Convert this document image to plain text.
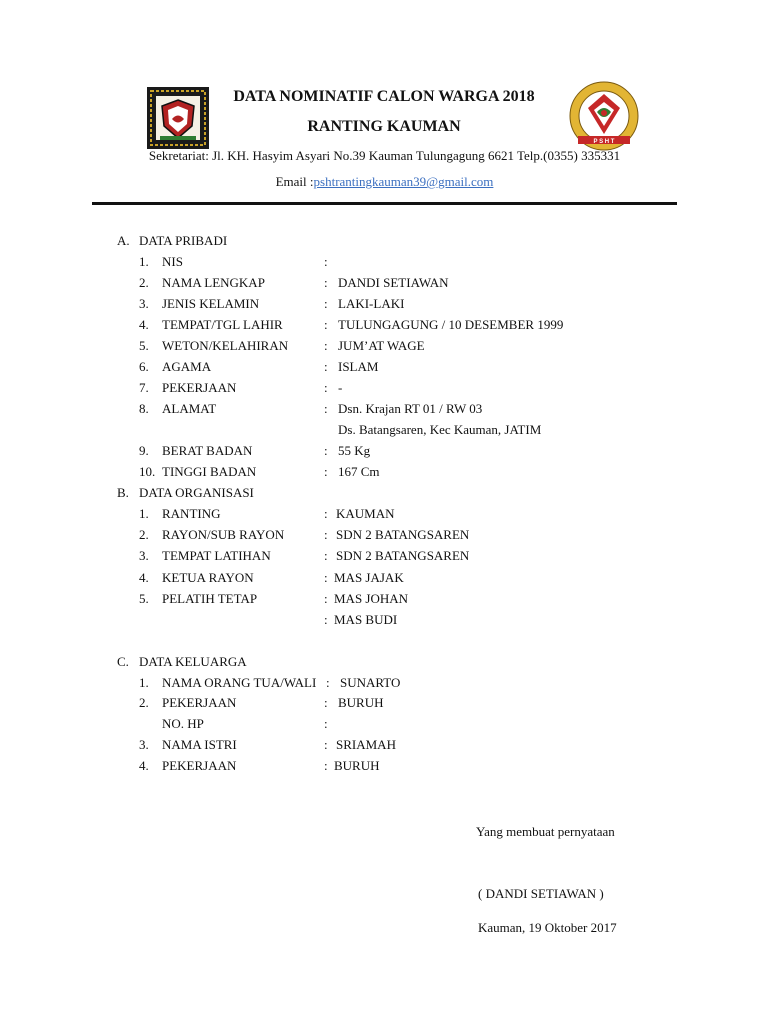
P S H T
DATA NOMINATIF CALON WARGA 2018
RANTING KAUMAN
Sekretariat: Jl. KH. Hasyim Asyari No.39 Kauman Tulungagung 6621 Telp.(0355) 335331
Email :pshtrantingkauman39@gmail.com
A. DATA PRIBADI
1. NIS	:
2. NAMA LENGKAP	: DANDI SETIAWAN
3. JENIS KELAMIN	: LAKI-LAKI
4. TEMPAT/TGL LAHIR	: TULUNGAGUNG / 10 DESEMBER 1999
5. WETON/KELAHIRAN	: JUM’AT WAGE
6. AGAMA	: ISLAM
7. PEKERJAAN	: -
8. ALAMAT	: Dsn. Krajan RT 01 / RW 03
Ds. Batangsaren, Kec Kauman, JATIM
9. BERAT BADAN	: 55 Kg
10. TINGGI BADAN	: 167 Cm
B. DATA ORGANISASI
1. RANTING	: KAUMAN
2. RAYON/SUB RAYON	: SDN 2 BATANGSAREN
3. TEMPAT LATIHAN	: SDN 2 BATANGSAREN
4. KETUA RAYON	: MAS JAJAK
5. PELATIH TETAP	: MAS JOHAN
: MAS BUDI
C. DATA KELUARGA
1. NAMA ORANG TUA/WALI : SUNARTO
2. PEKERJAAN	: BURUH
NO. HP	:
3. NAMA ISTRI	: SRIAMAH
4. PEKERJAAN	: BURUH
Yang membuat pernyataan
( DANDI SETIAWAN )
Kauman, 19 Oktober 2017
